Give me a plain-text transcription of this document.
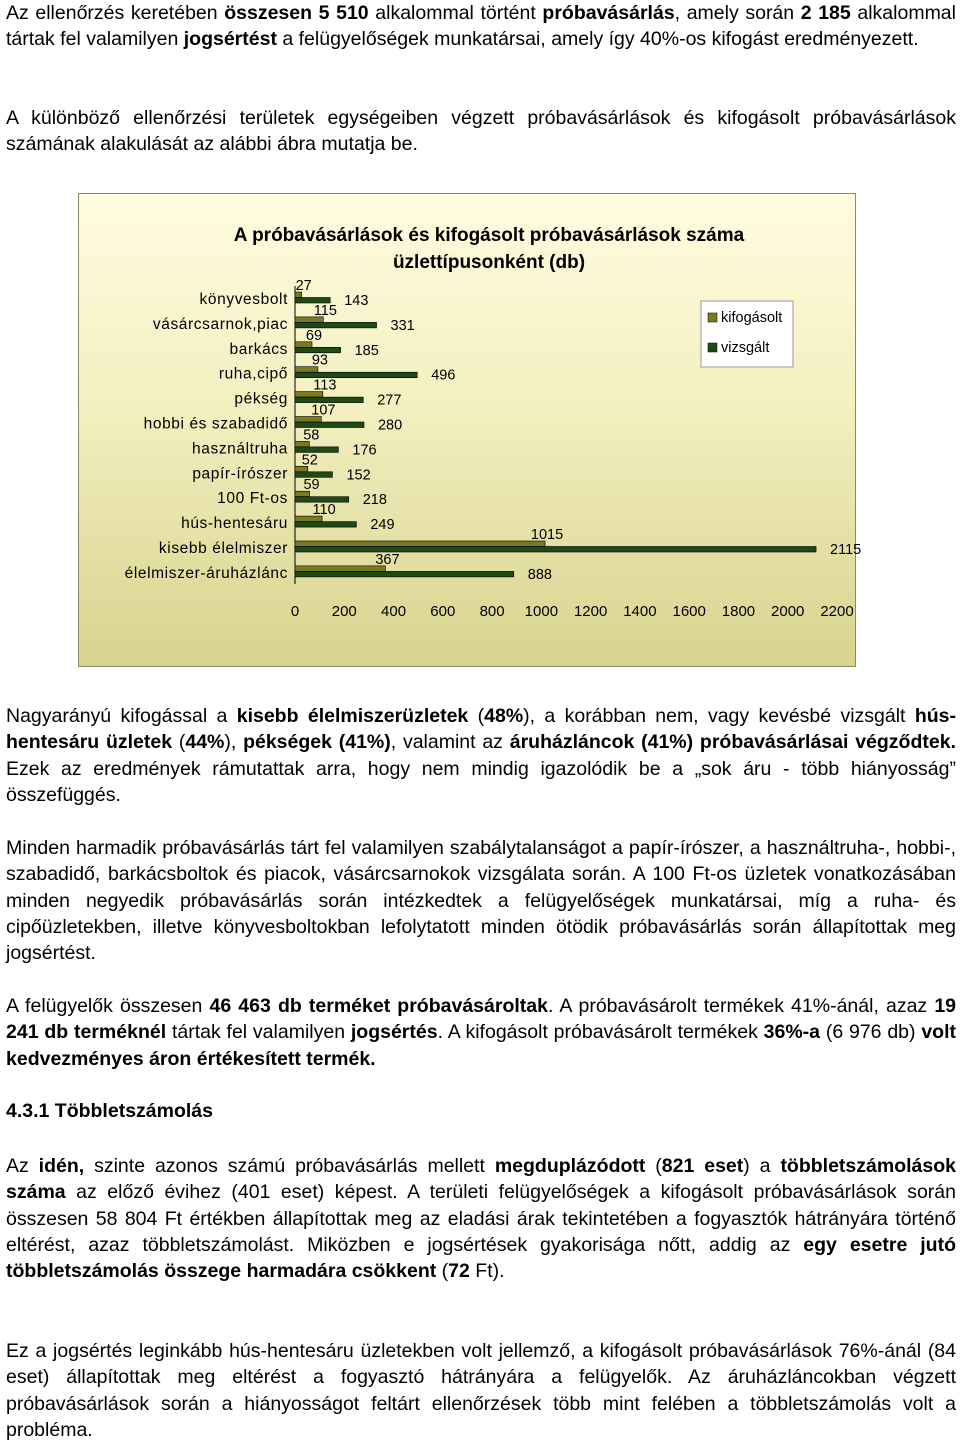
Az ellenőrzés keretében összesen 5 510 alkalommal történt próbavásárlás, amely során 2 185 alkalommal tártak fel valamilyen jogsértést a felügyelőségek munkatársai, amely így 40%-os kifogást eredményezett.

A különböző ellenőrzési területek egységeiben végzett próbavásárlások és kifogásolt próbavásárlások számának alakulását az alábbi ábra mutatja be.

A próbavásárlások és kifogásolt próbavásárlások száma
üzlettípusonként (db)
könyvesbolt
27
143
vásárcsarnok,piac
115
331
barkács
69
185
ruha,cipő
93
496
pékség
113
277
hobbi és szabadidő
107
280
használtruha
58
176
papír-írószer
52
152
100 Ft-os
59
218
hús-hentesáru
110
249
kisebb élelmiszer
1015
2115
élelmiszer-áruházlánc
367
888
0 200 400 600 800 1000 1200 1400 1600 1800 2000 2200
kifogásolt
vizsgált

Nagyarányú kifogással a kisebb élelmiszerüzletek (48%), a korábban nem, vagy kevésbé vizsgált hús-hentesáru üzletek (44%), pékségek (41%), valamint az áruházláncok (41%) próbavásárlásai végződtek. Ezek az eredmények rámutattak arra, hogy nem mindig igazolódik be a „sok áru - több hiányosság” összefüggés.

Minden harmadik próbavásárlás tárt fel valamilyen szabálytalanságot a papír-írószer, a használtruha-, hobbi-, szabadidő, barkácsboltok és piacok, vásárcsarnokok vizsgálata során. A 100 Ft-os üzletek vonatkozásában minden negyedik próbavásárlás során intézkedtek a felügyelőségek munkatársai, míg a ruha- és cipőüzletekben, illetve könyvesboltokban lefolytatott minden ötödik próbavásárlás során állapítottak meg jogsértést.

A felügyelők összesen 46 463 db terméket próbavásároltak. A próbavásárolt termékek 41%-ánál, azaz 19 241 db terméknél tártak fel valamilyen jogsértés. A kifogásolt próbavásárolt termékek 36%-a (6 976 db) volt kedvezményes áron értékesített termék.

4.3.1 Többletszámolás

Az idén, szinte azonos számú próbavásárlás mellett megduplázódott (821 eset) a többletszámolások száma az előző évihez (401 eset) képest. A területi felügyelőségek a kifogásolt próbavásárlások során összesen 58 804 Ft értékben állapítottak meg az eladási árak tekintetében a fogyasztók hátrányára történő eltérést, azaz többletszámolást. Miközben e jogsértések gyakorisága nőtt, addig az egy esetre jutó többletszámolás összege harmadára csökkent (72 Ft).

Ez a jogsértés leginkább hús-hentesáru üzletekben volt jellemző, a kifogásolt próbavásárlások 76%-ánál (84 eset) állapítottak meg eltérést a fogyasztó hátrányára a felügyelők. Az áruházláncokban végzett próbavásárlások során a hiányosságot feltárt ellenőrzések több mint felében a többletszámolás volt a probléma.
